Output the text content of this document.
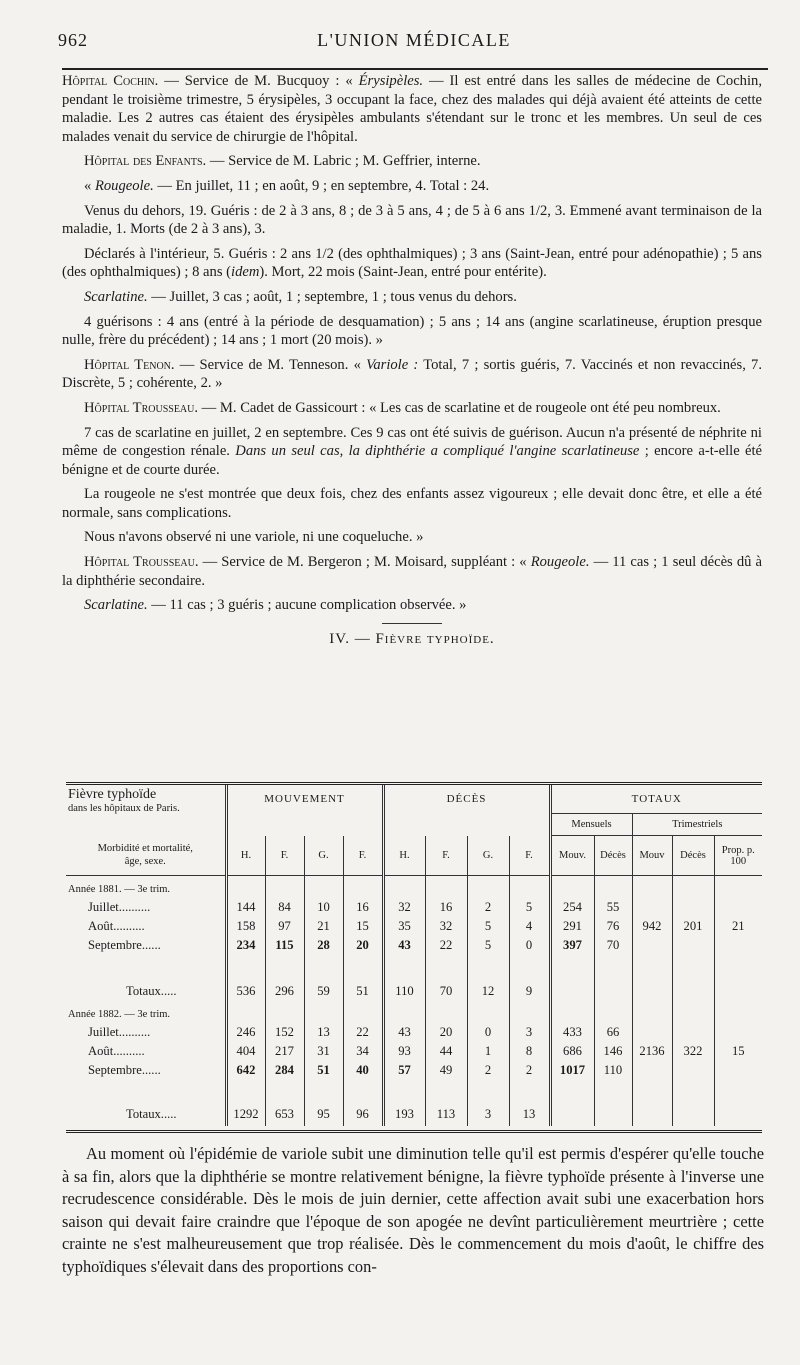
962	L'UNION MÉDICALE

Hôpital Cochin. — Service de M. Bucquoy : « Érysipèles. — Il est entré dans les salles de médecine de Cochin, pendant le troisième trimestre, 5 érysipèles, 3 occupant la face, chez des malades qui déjà avaient été atteints de cette maladie. Les 2 autres cas étaient des érysipèles ambulants s'étendant sur le tronc et les membres. Un seul de ces malades venait du service de chirurgie de l'hôpital.

Hôpital des Enfants. — Service de M. Labric ; M. Geffrier, interne.

« Rougeole. — En juillet, 11 ; en août, 9 ; en septembre, 4. Total : 24.

Venus du dehors, 19. Guéris : de 2 à 3 ans, 8 ; de 3 à 5 ans, 4 ; de 5 à 6 ans 1/2, 3. Emmené avant terminaison de la maladie, 1. Morts (de 2 à 3 ans), 3.

Déclarés à l'intérieur, 5. Guéris : 2 ans 1/2 (des ophthalmiques) ; 3 ans (Saint-Jean, entré pour adénopathie) ; 5 ans (des ophthalmiques) ; 8 ans (idem). Mort, 22 mois (Saint-Jean, entré pour entérite).

Scarlatine. — Juillet, 3 cas ; août, 1 ; septembre, 1 ; tous venus du dehors.

4 guérisons : 4 ans (entré à la période de desquamation) ; 5 ans ; 14 ans (angine scarlatineuse, éruption presque nulle, frère du précédent) ; 14 ans ; 1 mort (20 mois). »

Hôpital Tenon. — Service de M. Tenneson. « Variole : Total, 7 ; sortis guéris, 7. Vaccinés et non revaccinés, 7. Discrète, 5 ; cohérente, 2. »

Hôpital Trousseau. — M. Cadet de Gassicourt : « Les cas de scarlatine et de rougeole ont été peu nombreux.

7 cas de scarlatine en juillet, 2 en septembre. Ces 9 cas ont été suivis de guérison. Aucun n'a présenté de néphrite ni même de congestion rénale. Dans un seul cas, la diphthérie a compliqué l'angine scarlatineuse ; encore a-t-elle été bénigne et de courte durée.

La rougeole ne s'est montrée que deux fois, chez des enfants assez vigoureux ; elle devait donc être, et elle a été normale, sans complications.

Nous n'avons observé ni une variole, ni une coqueluche. »

Hôpital Trousseau. — Service de M. Bergeron ; M. Moisard, suppléant : « Rougeole. — 11 cas ; 1 seul décès dû à la diphthérie secondaire.

Scarlatine. — 11 cas ; 3 guéris ; aucune complication observée. »

IV. — Fièvre typhoïde.
Fièvre typhoïde
dans les hôpitaux de Paris.	MOUVEMENT				DÉCÈS				TOTAUX				
									Mensuels		Trimestriels		

Morbidité et mortalité,
âge, sexe.	H.	F.	G.	F.	H.	F.	G.	F.	Mouv.	Décès	Mouv	Décès	Prop. p. 100

Année 1881. — 3e trim.													
Juillet..........	144	84	10	16	32	16	2	5	254	55			
Août..........	158	97	21	15	35	32	5	4	291	76	942	201	21
Septembre......	234	115	28	20	43	22	5	0	397	70			

Totaux.....	536	296	59	51	110	70	12	9					

Année 1882. — 3e trim.													
Juillet..........	246	152	13	22	43	20	0	3	433	66			
Août..........	404	217	31	34	93	44	1	8	686	146	2136	322	15
Septembre......	642	284	51	40	57	49	2	2	1017	110			

Totaux.....	1292	653	95	96	193	113	3	13					

Au moment où l'épidémie de variole subit une diminution telle qu'il est permis d'espérer qu'elle touche à sa fin, alors que la diphthérie se montre relativement bénigne, la fièvre typhoïde présente à l'inverse une recrudescence considérable. Dès le mois de juin dernier, cette affection avait subi une exacerbation hors saison qui devait faire craindre que l'époque de son apogée ne devînt particulièrement meurtrière ; cette crainte ne s'est malheureusement que trop réalisée. Dès le commencement du mois d'août, le chiffre des typhoïdiques s'élevait dans des proportions con-
